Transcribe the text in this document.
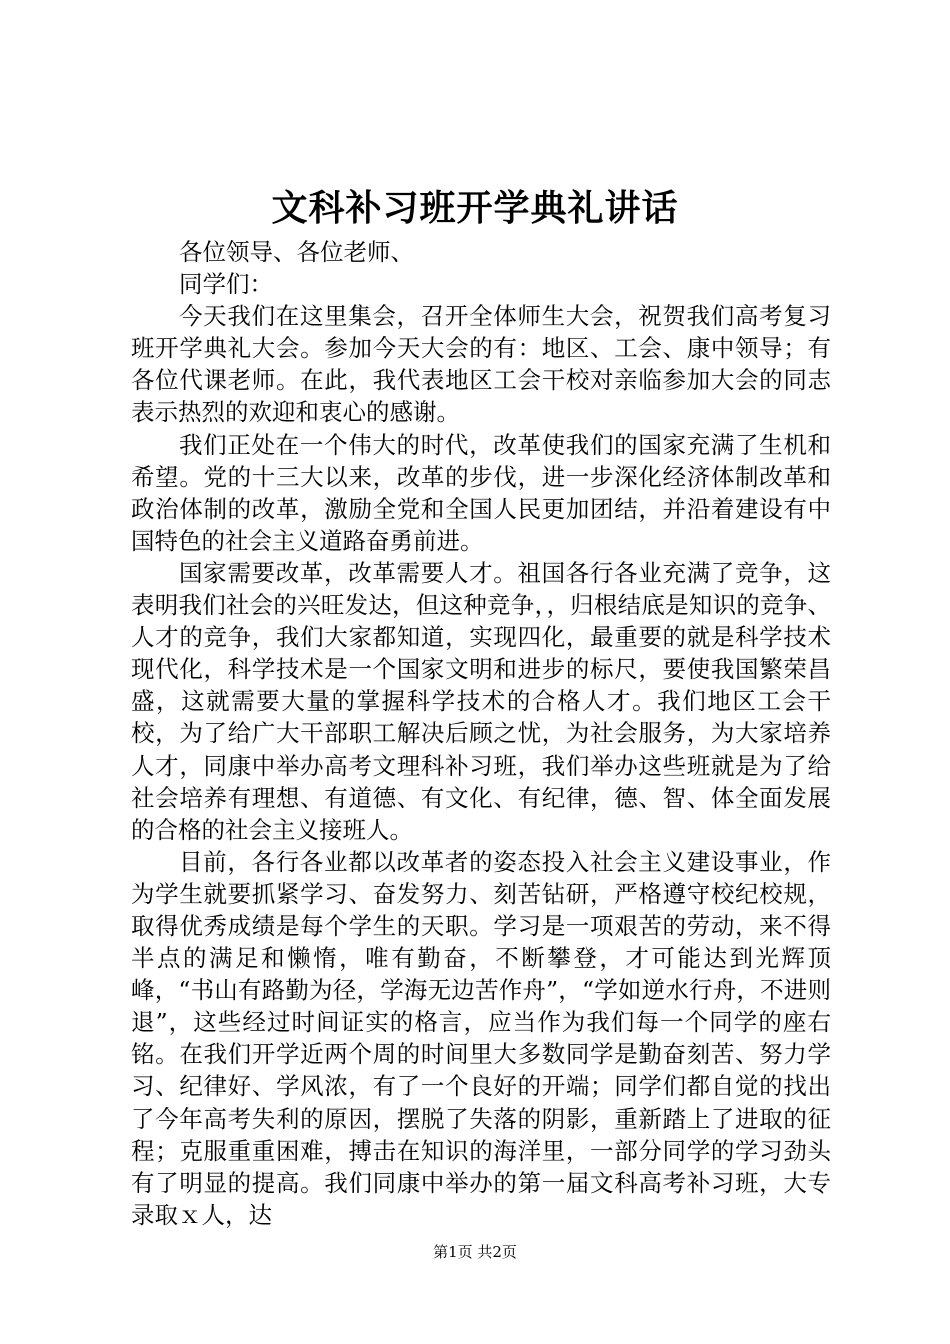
文科补习班开学典礼讲话

各位领导、各位老师、

同学们：

今天我们在这里集会，召开全体师生大会，祝贺我们高考复习班开学典礼大会。参加今天大会的有：地区、工会、康中领导；有各位代课老师。在此，我代表地区工会干校对亲临参加大会的同志表示热烈的欢迎和衷心的感谢。

我们正处在一个伟大的时代，改革使我们的国家充满了生机和希望。党的十三大以来，改革的步伐，进一步深化经济体制改革和政治体制的改革，激励全党和全国人民更加团结，并沿着建设有中国特色的社会主义道路奋勇前进。

国家需要改革，改革需要人才。祖国各行各业充满了竞争，这表明我们社会的兴旺发达，但这种竞争，，归根结底是知识的竞争、人才的竞争，我们大家都知道，实现四化，最重要的就是科学技术现代化，科学技术是一个国家文明和进步的标尺，要使我国繁荣昌盛，这就需要大量的掌握科学技术的合格人才。我们地区工会干校，为了给广大干部职工解决后顾之忧，为社会服务，为大家培养人才，同康中举办高考文理科补习班，我们举办这些班就是为了给社会培养有理想、有道德、有文化、有纪律，德、智、体全面发展的合格的社会主义接班人。

目前，各行各业都以改革者的姿态投入社会主义建设事业，作为学生就要抓紧学习、奋发努力、刻苦钻研，严格遵守校纪校规，取得优秀成绩是每个学生的天职。学习是一项艰苦的劳动，来不得半点的满足和懒惰，唯有勤奋，不断攀登，才可能达到光辉顶峰，“书山有路勤为径，学海无边苦作舟”，“学如逆水行舟，不进则退”，这些经过时间证实的格言，应当作为我们每一个同学的座右铭。在我们开学近两个周的时间里大多数同学是勤奋刻苦、努力学习、纪律好、学风浓，有了一个良好的开端；同学们都自觉的找出了今年高考失利的原因，摆脱了失落的阴影，重新踏上了进取的征程；克服重重困难，搏击在知识的海洋里，一部分同学的学习劲头有了明显的提高。我们同康中举办的第一届文科高考补习班，大专录取ｘ人，达

第1页 共2页
